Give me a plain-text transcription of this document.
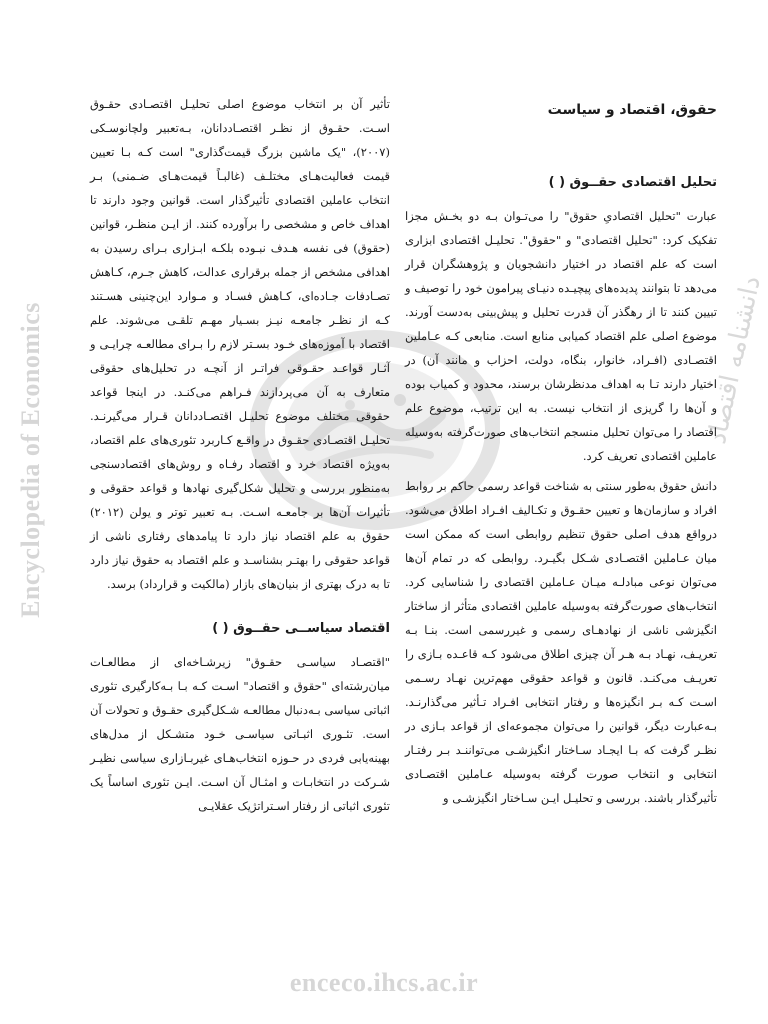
Encyclopedia of Economics	دانشنامه اقتصاد
حقوق، اقتصاد و سیاست
تحلیل اقتصادی حقــوق ( )

عبارت "تحلیل اقتصادیِ حقوق" را می‌تـوان بـه دو بخـش مجزا تفکیک کرد: "تحلیل اقتصادی" و "حقوق". تحلیـل اقتصادی ابزاری است که علم اقتصاد در اختیار دانشجویان و پژوهشگران قرار می‌دهد تا بتوانند پدیده‌های پیچیـده دنیـای پیرامون خود را توصیف و تبیین کنند تا از رهگذر آن قدرت تحلیل و پیش‌بینی به‌دست آورند. موضوع اصلی علم اقتصاد کمیابی منابع است. منابعی کـه عـاملین اقتصـادی (افـراد، خانوار، بنگاه، دولت، احزاب و مانند آن) در اختیار دارند تـا به اهداف مدنظرشان برسند، محدود و کمیاب بوده و آن‌ها را گریزی از انتخاب نیست. به این ترتیب، موضوع علم اقتصاد را می‌توان تحلیل منسجم انتخاب‌های صورت‌گرفته به‌وسیله عاملین اقتصادی تعریف کرد.

دانش حقوق به‌طور سنتی به شناخت قواعد رسمی حاکم بر روابط افراد و سازمان‌ها و تعیین حقـوق و تکـالیف افـراد اطلاق می‌شود. درواقع هدف اصلی حقوق تنظیم روابطی است که ممکن است میان عـاملین اقتصـادی شـکل بگیـرد. روابطی که در تمام آن‌ها می‌توان نوعی مبادلـه میـان عـاملین اقتصادی را شناسایی کرد. انتخاب‌های صورت‌گرفته به‌وسیله عاملین اقتصادی متأثر از ساختار انگیزشی ناشی از نهادهـای رسمی و غیررسمی است. بنـا بـه تعریـف، نهـاد بـه هـر آن چیزی اطلاق می‌شود کـه قاعـده بـازی را تعریـف می‌کنـد. قانون و قواعد حقوقی مهم‌ترین نهـاد رسـمی اسـت کـه بـر انگیزه‌ها و رفتار انتخابی افـراد تـأثیر می‌گذارنـد. بـه‌عبارت دیگر، قوانین را می‌توان مجموعه‌ای از قواعد بـازی در نظـر گرفت که بـا ایجـاد سـاختار انگیزشـی می‌تواننـد بـر رفتـار انتخابی و انتخاب صورت گرفته به‌وسیله عـاملین اقتصـادی تأثیرگذار باشند. بررسی و تحلیـل ایـن سـاختار انگیزشـی و

تأثیر آن بر انتخاب موضوع اصلی تحلیـل اقتصـادی حقـوق اسـت. حقـوق از نظـر اقتصـاددانان، بـه‌تعبیر ولچانوسـکی (۲۰۰۷)، "یک ماشین بزرگ قیمت‌گذاری" است کـه بـا تعیین قیمت فعالیت‌هـای مختلـف (غالبـاً قیمت‌هـای ضـمنی) بـر انتخاب عاملین اقتصادی تأثیرگذار است. قوانین وجود دارند تا اهداف خاص و مشخصی را برآورده کنند. از ایـن منظـر، قوانین (حقوق) فی نفسه هـدف نبـوده بلکـه ابـزاری بـرای رسیدن به اهدافی مشخص از جمله برقراری عدالت، کاهش جـرم، کـاهش تصـادفات جـاده‌ای، کـاهش فسـاد و مـوارد این‌چنینی هسـتند کـه از نظـر جامعـه نیـز بسـیار مهـم تلقـی می‌شوند. علم اقتصاد با آموزه‌های خـود بسـتر لازم را بـرای مطالعـه چرایـی و آثـار قواعـد حقـوقی فراتـر از آنچـه در تحلیل‌های حقوقی متعارف به آن می‌پردازند فـراهم می‌کنـد. در اینجا قواعد حقوقی مختلف موضوع تحلیـل اقتصـاددانان قـرار می‌گیرنـد. تحلیـل اقتصـادی حقـوق در واقـع کـاربرد تئوری‌های علم اقتصاد، به‌ویژه اقتصاد خرد و اقتصاد رفـاه و روش‌های اقتصادسنجی به‌منظور بررسی و تحلیل شکل‌گیری نهادها و قواعد حقوقی و تأثیرات آن‌ها بر جامعـه اسـت. بـه تعبیر توتر و یولن (۲۰۱۲) حقوق به علم اقتصاد نیاز دارد تا پیامدهای رفتاری ناشی از قواعد حقوقی را بهتـر بشناسـد و علم اقتصاد به حقوق نیاز دارد تا به درک بهتری از بنیان‌های بازار (مالکیت و قرارداد) برسد.

اقتصاد سیاســی حقــوق ( )

"اقتصـاد سیاسـی حقـوق" زیرشـاخه‌ای از مطالعـات میان‌رشته‌ای "حقوق و اقتصاد" اسـت کـه بـا بـه‌کارگیری تئوری اثباتی سیاسی بـه‌دنبال مطالعـه شـکل‌گیری حقـوق و تحولات آن است. تئـوری اثبـاتی سیاسـی خـود متشـکل از مدل‌های بهینه‌یابی فردی در حـوزه انتخاب‌هـای غیربـازاری سیاسی نظیـر شـرکت در انتخابـات و امثـال آن اسـت. ایـن تئوری اساساً یک تئوری اثباتی از رفتار اسـتراتژیک عقلایـی

enceco.ihcs.ac.ir
